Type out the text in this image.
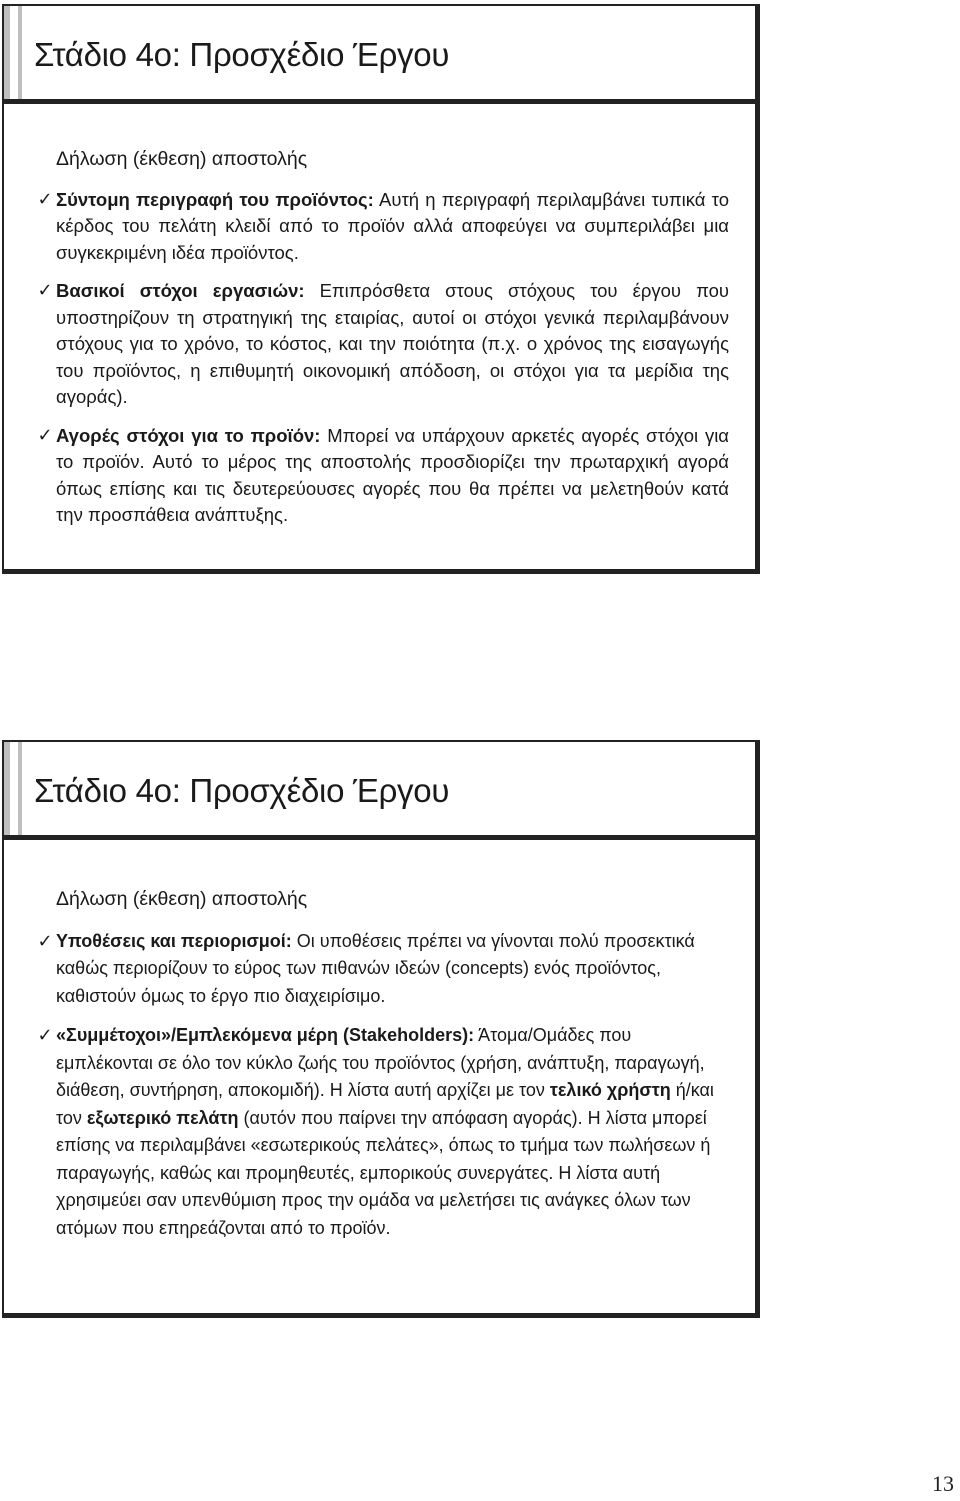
Στάδιο 4ο: Προσχέδιο Έργου

Δήλωση (έκθεση) αποστολής

✓ Σύντομη περιγραφή του προϊόντος: Αυτή η περιγραφή περιλαμβάνει τυπικά το κέρδος του πελάτη κλειδί από το προϊόν αλλά αποφεύγει να συμπεριλάβει μια συγκεκριμένη ιδέα προϊόντος.

✓ Βασικοί στόχοι εργασιών: Επιπρόσθετα στους στόχους του έργου που υποστηρίζουν τη στρατηγική της εταιρίας, αυτοί οι στόχοι γενικά περιλαμβάνουν στόχους για το χρόνο, το κόστος, και την ποιότητα (π.χ. ο χρόνος της εισαγωγής του προϊόντος, η επιθυμητή οικονομική απόδοση, οι στόχοι για τα μερίδια της αγοράς).

✓ Αγορές στόχοι για το προϊόν: Μπορεί να υπάρχουν αρκετές αγορές στόχοι για το προϊόν. Αυτό το μέρος της αποστολής προσδιορίζει την πρωταρχική αγορά όπως επίσης και τις δευτερεύουσες αγορές που θα πρέπει να μελετηθούν κατά την προσπάθεια ανάπτυξης.

Στάδιο 4ο: Προσχέδιο Έργου

Δήλωση (έκθεση) αποστολής

✓ Υποθέσεις και περιορισμοί: Οι υποθέσεις πρέπει να γίνονται πολύ προσεκτικά καθώς περιορίζουν το εύρος των πιθανών ιδεών (concepts) ενός προϊόντος, καθιστούν όμως το έργο πιο διαχειρίσιμο.

✓ «Συμμέτοχοι»/Εμπλεκόμενα μέρη (Stakeholders): Άτομα/Ομάδες που εμπλέκονται σε όλο τον κύκλο ζωής του προϊόντος (χρήση, ανάπτυξη, παραγωγή, διάθεση, συντήρηση, αποκομιδή). Η λίστα αυτή αρχίζει με τον τελικό χρήστη ή/και τον εξωτερικό πελάτη (αυτόν που παίρνει την απόφαση αγοράς). Η λίστα μπορεί επίσης να περιλαμβάνει «εσωτερικούς πελάτες», όπως το τμήμα των πωλήσεων ή παραγωγής, καθώς και προμηθευτές, εμπορικούς συνεργάτες. Η λίστα αυτή χρησιμεύει σαν υπενθύμιση προς την ομάδα να μελετήσει τις ανάγκες όλων των ατόμων που επηρεάζονται από το προϊόν.

13
